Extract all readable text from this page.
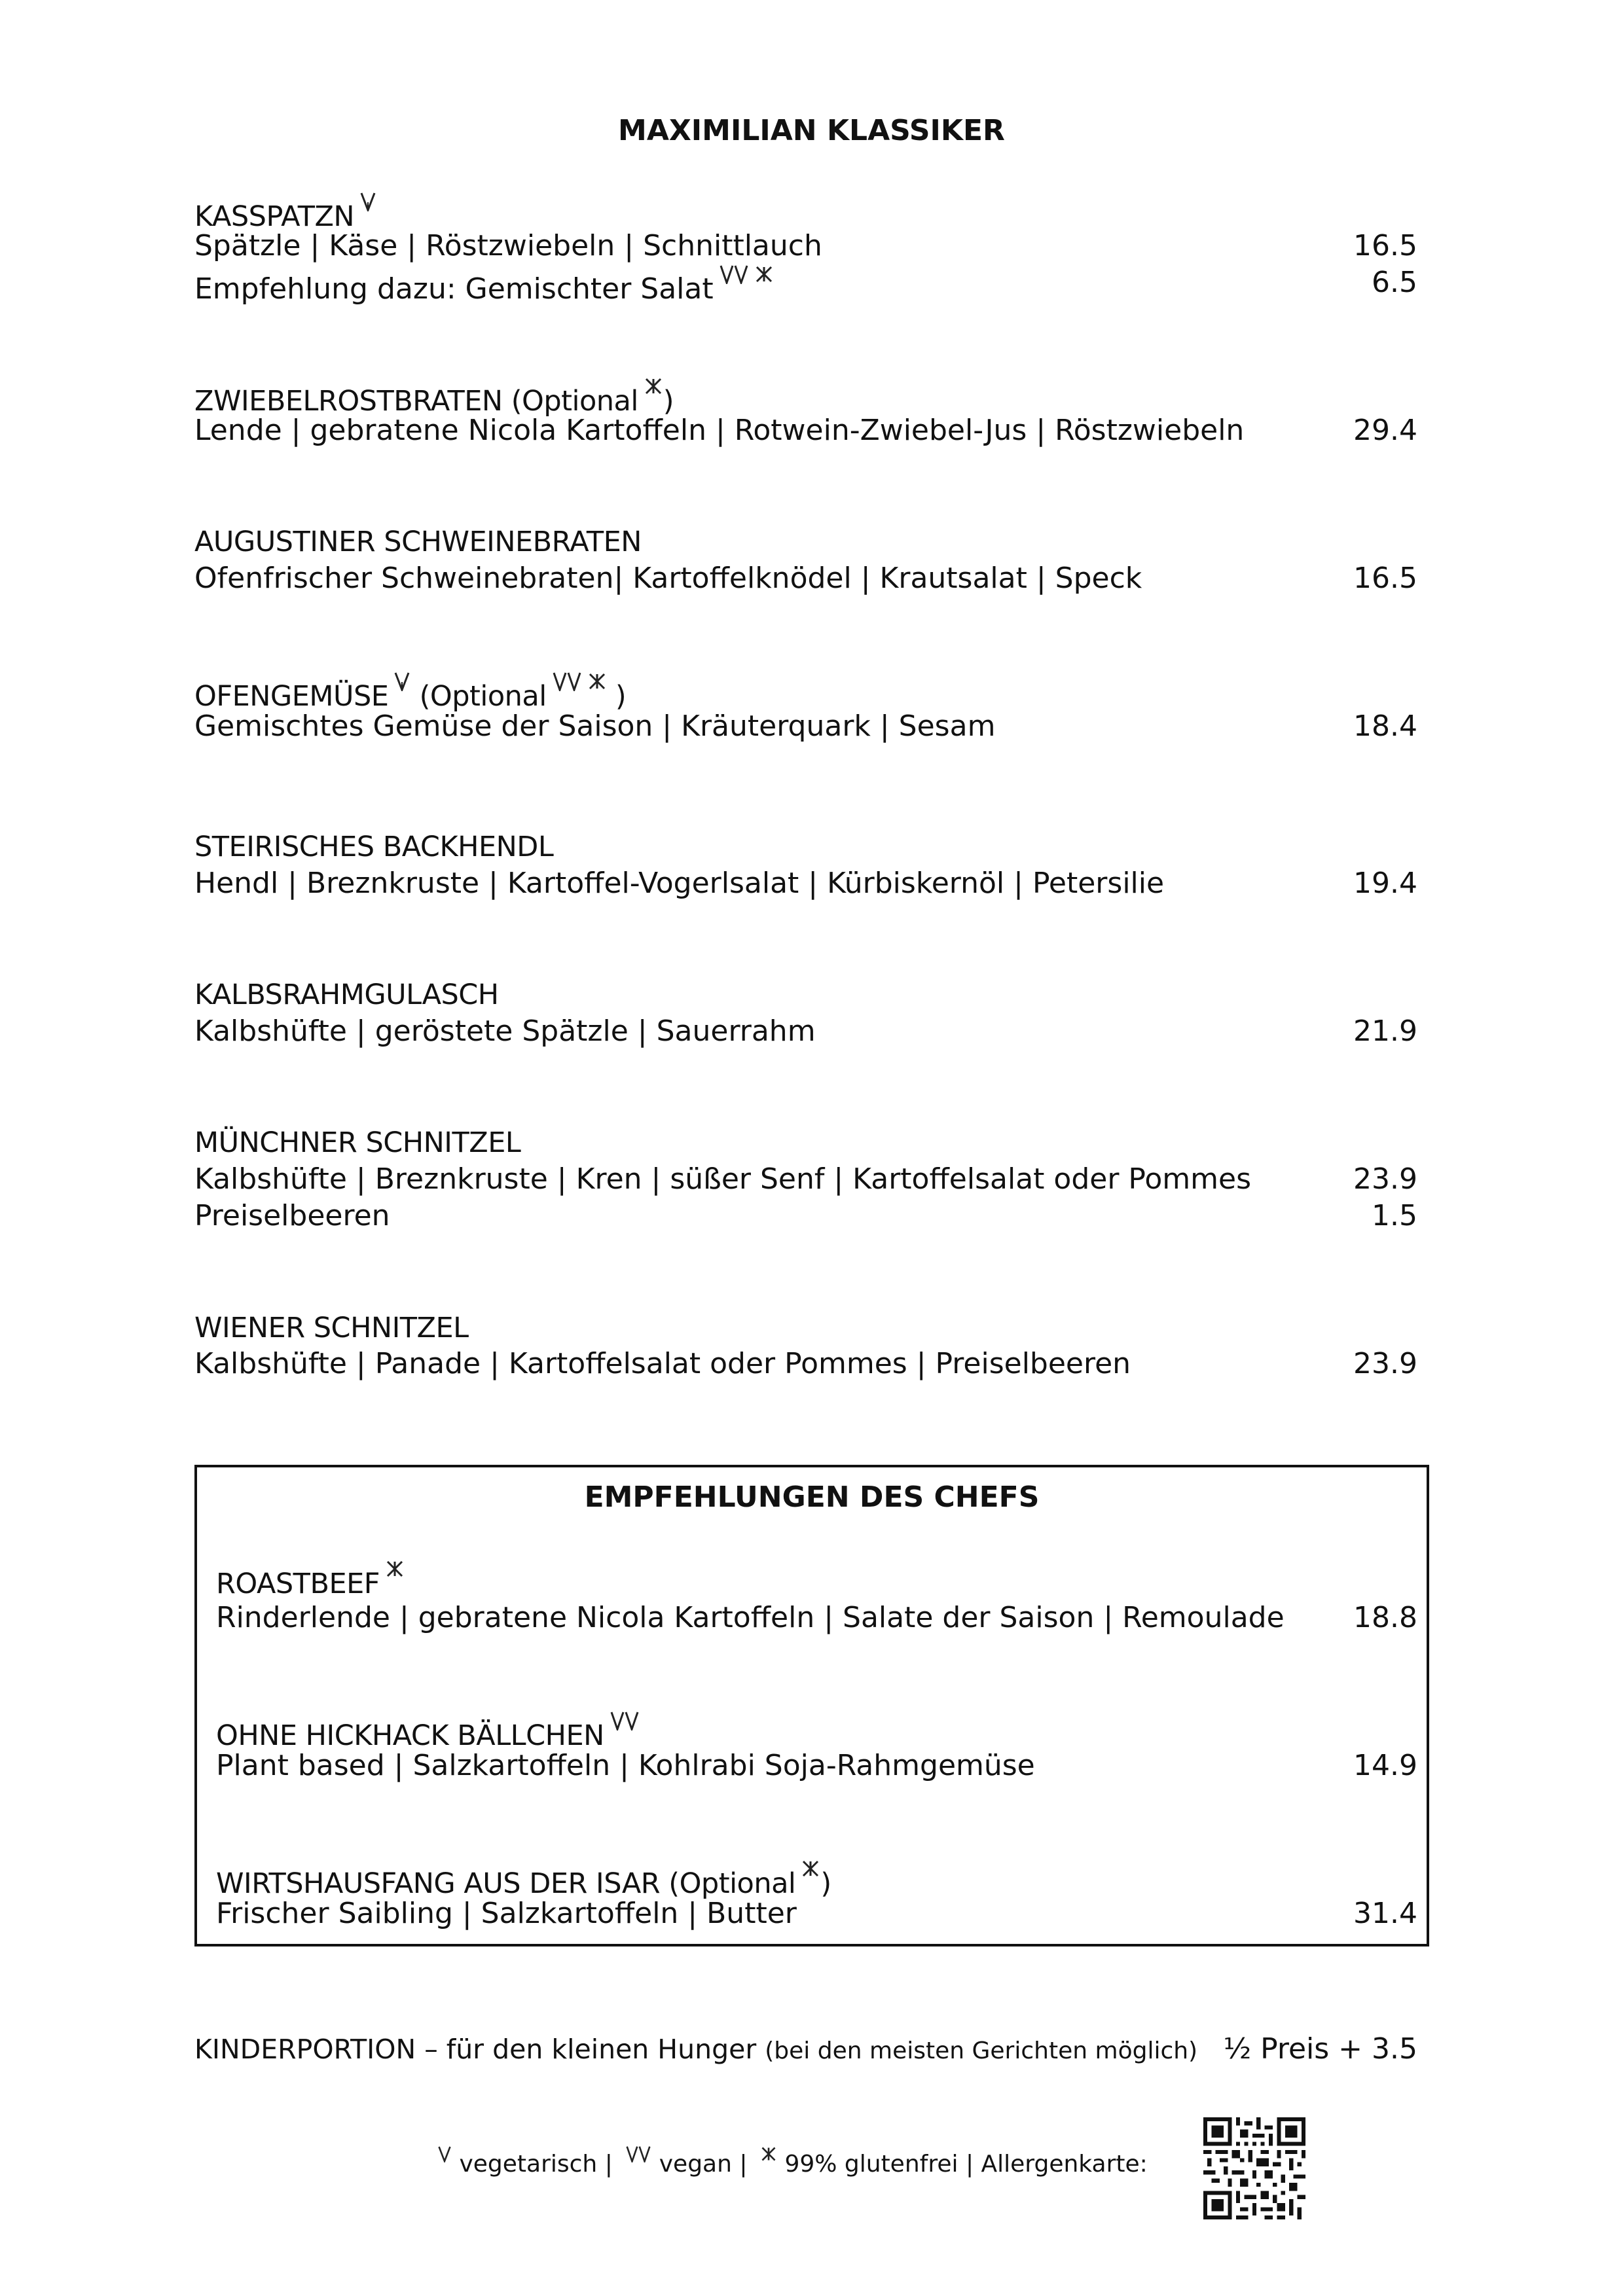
MAXIMILIAN KLASSIKER
KASSPATZN
Spätzle | Käse | Röstzwiebeln | Schnittlauch	16.5
Empfehlung dazu: Gemischter Salat	6.5
ZWIEBELROSTBRATEN (Optional )
Lende | gebratene Nicola Kartoffeln | Rotwein-Zwiebel-Jus | Röstzwiebeln	29.4
AUGUSTINER SCHWEINEBRATEN
Ofenfrischer Schweinebraten| Kartoffelknödel | Krautsalat | Speck	16.5
OFENGEMÜSE (Optional )
Gemischtes Gemüse der Saison | Kräuterquark | Sesam	18.4
STEIRISCHES BACKHENDL
Hendl | Breznkruste | Kartoffel-Vogerlsalat | Kürbiskernöl | Petersilie	19.4
KALBSRAHMGULASCH
Kalbshüfte | geröstete Spätzle | Sauerrahm	21.9
MÜNCHNER SCHNITZEL
Kalbshüfte | Breznkruste | Kren | süßer Senf | Kartoffelsalat oder Pommes	23.9
Preiselbeeren	1.5
WIENER SCHNITZEL
Kalbshüfte | Panade | Kartoffelsalat oder Pommes | Preiselbeeren	23.9
EMPFEHLUNGEN DES CHEFS
ROASTBEEF
Rinderlende | gebratene Nicola Kartoffeln | Salate der Saison | Remoulade 18.8
OHNE HICKHACK BÄLLCHEN
Plant based | Salzkartoffeln | Kohlrabi Soja-Rahmgemüse	14.9
WIRTSHAUSFANG AUS DER ISAR (Optional )
Frischer Saibling | Salzkartoffeln | Butter	31.4
KINDERPORTION – für den kleinen Hunger (bei den meisten Gerichten möglich) ½ Preis + 3.5
vegetarisch | vegan | 99% glutenfrei | Allergenkarte:
